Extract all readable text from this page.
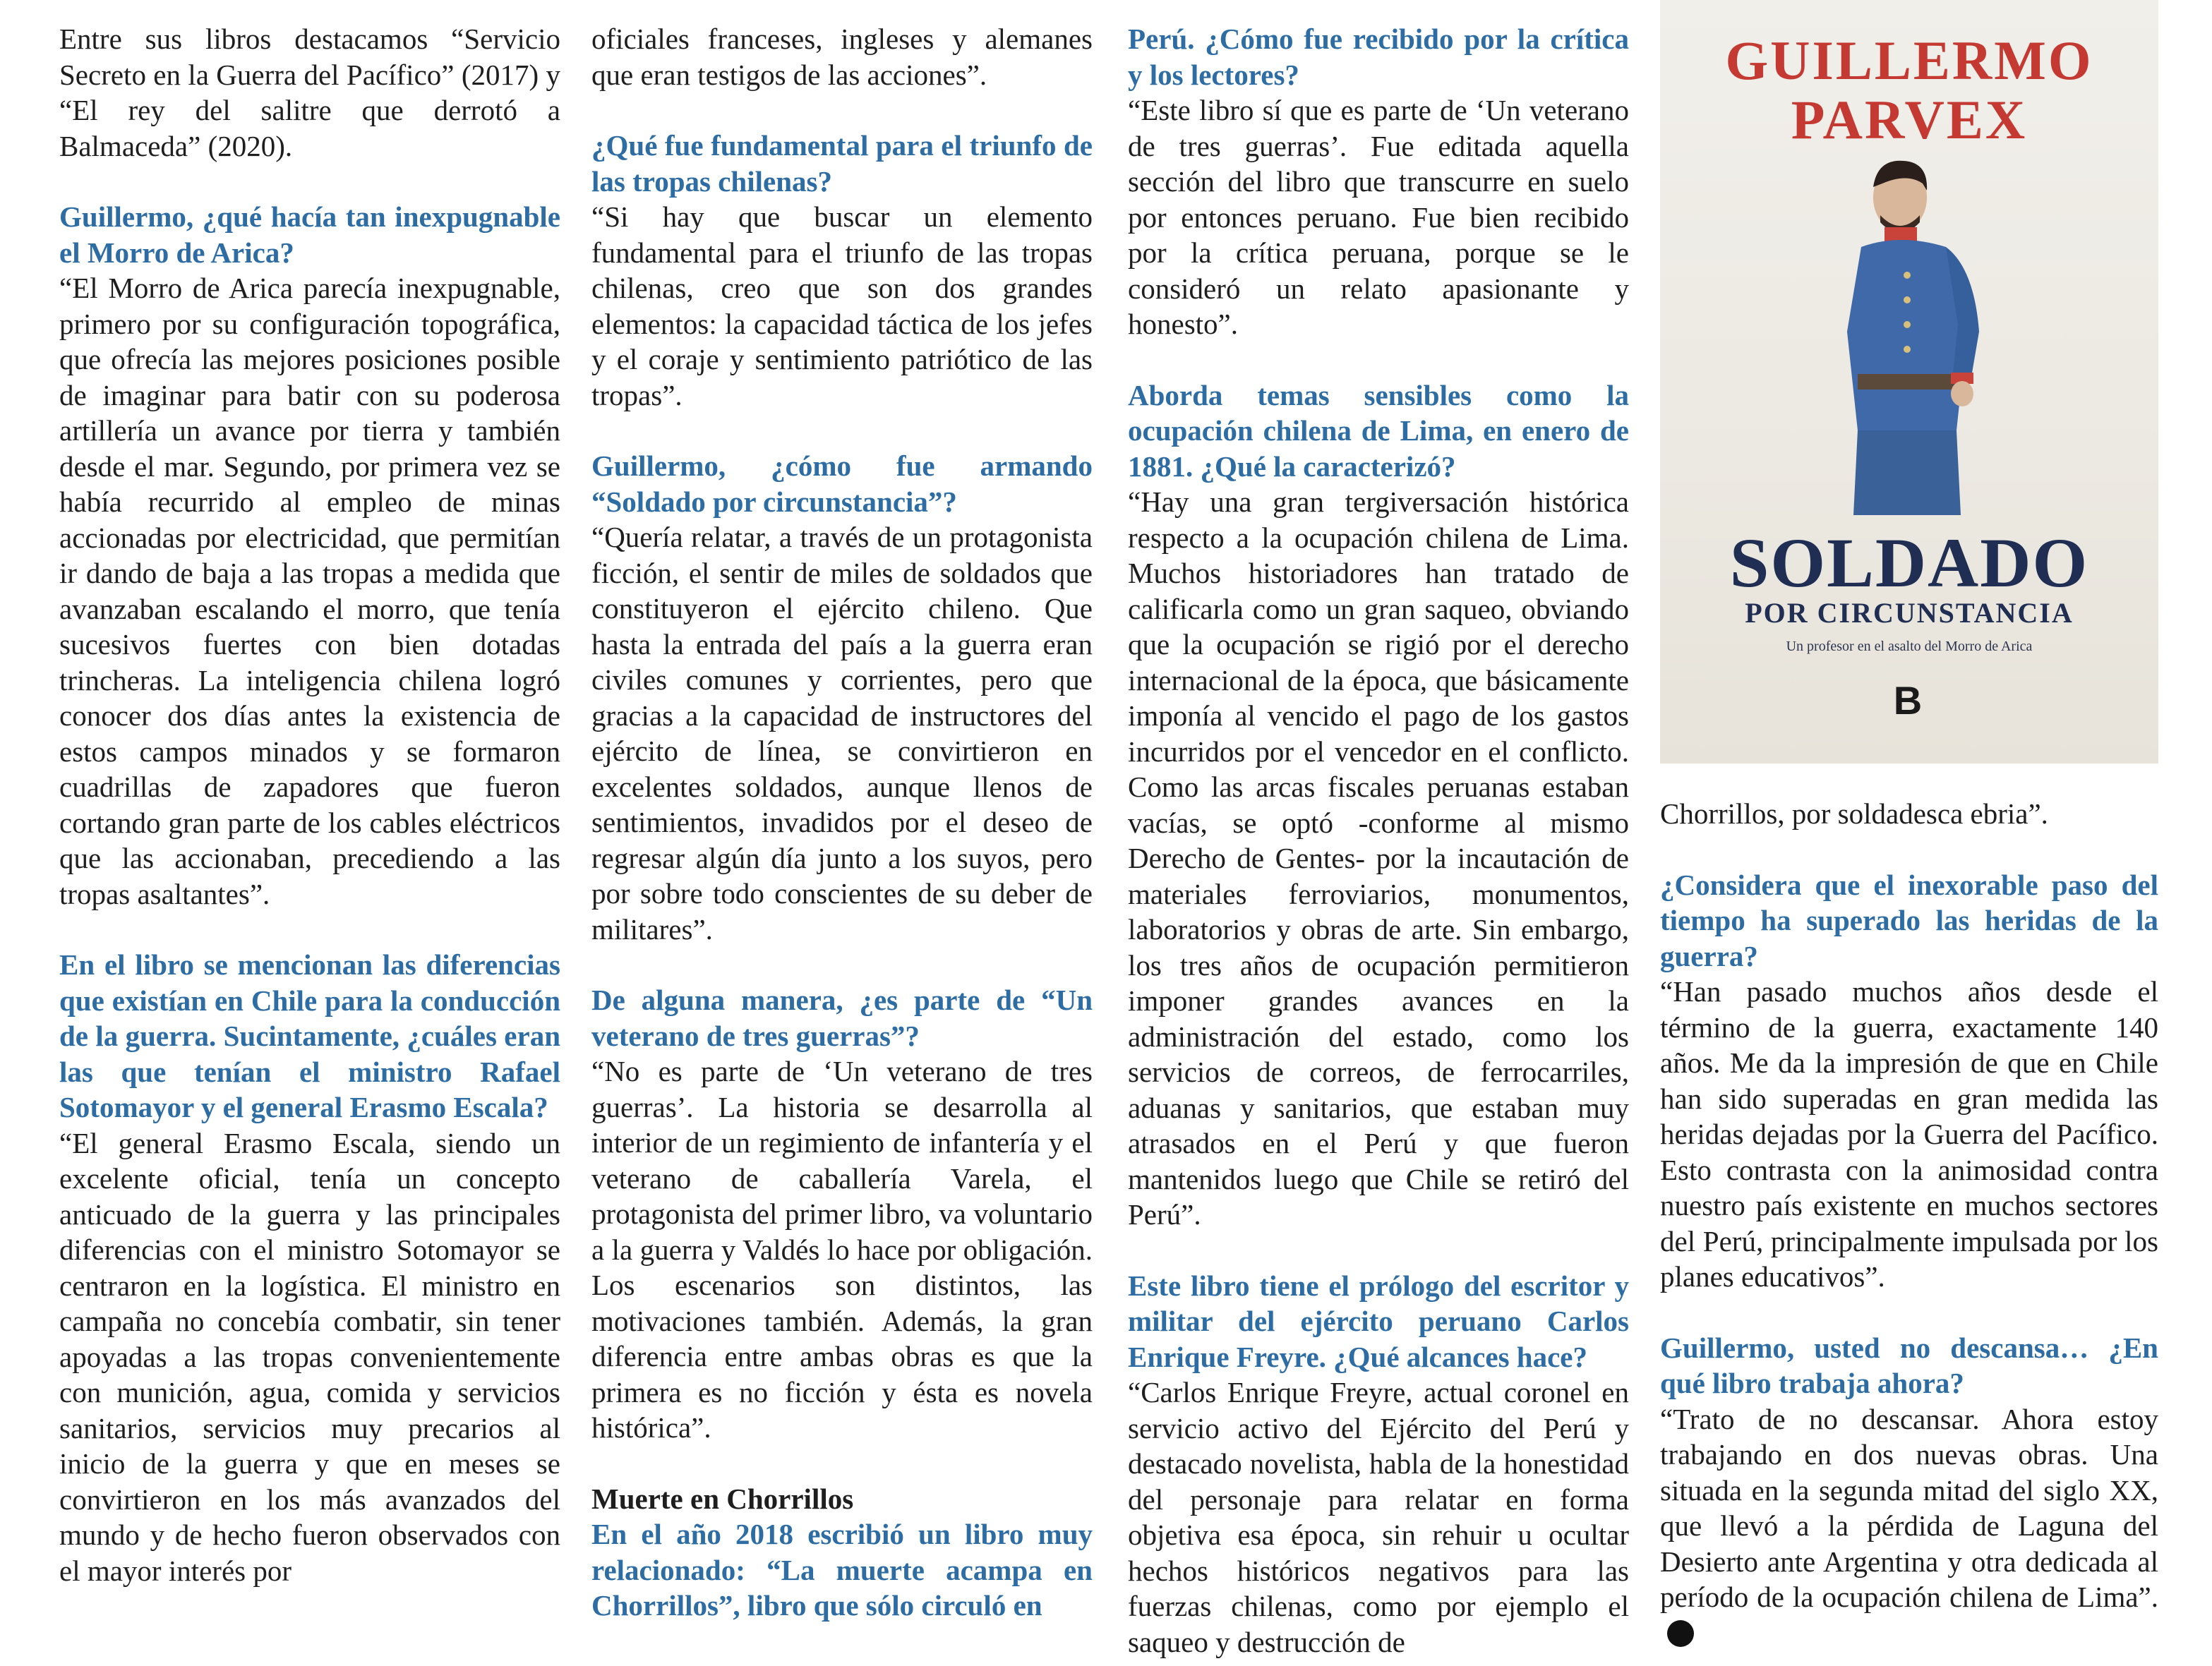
Entre sus libros destacamos “Servicio Secreto en la Guerra del Pacífico” (2017) y “El rey del salitre que derrotó a Balmaceda” (2020).

Guillermo, ¿qué hacía tan inexpugnable el Morro de Arica?
“El Morro de Arica parecía inexpugnable, primero por su configuración topográfica, que ofrecía las mejores posiciones posible de imaginar para batir con su poderosa artillería un avance por tierra y también desde el mar. Segundo, por primera vez se había recurrido al empleo de minas accionadas por electricidad, que permitían ir dando de baja a las tropas a medida que avanzaban escalando el morro, que tenía sucesivos fuertes con bien dotadas trincheras. La inteligencia chilena logró conocer dos días antes la existencia de estos campos minados y se formaron cuadrillas de zapadores que fueron cortando gran parte de los cables eléctricos que las accionaban, precediendo a las tropas asaltantes”.

En el libro se mencionan las diferencias que existían en Chile para la conducción de la guerra. Sucintamente, ¿cuáles eran las que tenían el ministro Rafael Sotomayor y el general Erasmo Escala?
“El general Erasmo Escala, siendo un excelente oficial, tenía un concepto anticuado de la guerra y las principales diferencias con el ministro Sotomayor se centraron en la logística. El ministro en campaña no concebía combatir, sin tener apoyadas a las tropas convenientemente con munición, agua, comida y servicios sanitarios, servicios muy precarios al inicio de la guerra y que en meses se convirtieron en los más avanzados del mundo y de hecho fueron observados con el mayor interés por

oficiales franceses, ingleses y alemanes que eran testigos de las acciones”.

¿Qué fue fundamental para el triunfo de las tropas chilenas?
“Si hay que buscar un elemento fundamental para el triunfo de las tropas chilenas, creo que son dos grandes elementos: la capacidad táctica de los jefes y el coraje y sentimiento patriótico de las tropas”.

Guillermo, ¿cómo fue armando “Soldado por circunstancia”?
“Quería relatar, a través de un protagonista ficción, el sentir de miles de soldados que constituyeron el ejército chileno. Que hasta la entrada del país a la guerra eran civiles comunes y corrientes, pero que gracias a la capacidad de instructores del ejército de línea, se convirtieron en excelentes soldados, aunque llenos de sentimientos, invadidos por el deseo de regresar algún día junto a los suyos, pero por sobre todo conscientes de su deber de militares”.

De alguna manera, ¿es parte de “Un veterano de tres guerras”?
“No es parte de ‘Un veterano de tres guerras’. La historia se desarrolla al interior de un regimiento de infantería y el veterano de caballería Varela, el protagonista del primer libro, va voluntario a la guerra y Valdés lo hace por obligación. Los escenarios son distintos, las motivaciones también. Además, la gran diferencia entre ambas obras es que la primera es no ficción y ésta es novela histórica”.

Muerte en Chorrillos
En el año 2018 escribió un libro muy relacionado: “La muerte acampa en Chorrillos”, libro que sólo circuló en

Perú. ¿Cómo fue recibido por la crítica y los lectores?
“Este libro sí que es parte de ‘Un veterano de tres guerras’. Fue editada aquella sección del libro que transcurre en suelo por entonces peruano. Fue bien recibido por la crítica peruana, porque se le consideró un relato apasionante y honesto”.

Aborda temas sensibles como la ocupación chilena de Lima, en enero de 1881. ¿Qué la caracterizó?
“Hay una gran tergiversación histórica respecto a la ocupación chilena de Lima. Muchos historiadores han tratado de calificarla como un gran saqueo, obviando que la ocupación se rigió por el derecho internacional de la época, que básicamente imponía al vencido el pago de los gastos incurridos por el vencedor en el conflicto. Como las arcas fiscales peruanas estaban vacías, se optó -conforme al mismo Derecho de Gentes- por la incautación de materiales ferroviarios, monumentos, laboratorios y obras de arte. Sin embargo, los tres años de ocupación permitieron imponer grandes avances en la administración del estado, como los servicios de correos, de ferrocarriles, aduanas y sanitarios, que estaban muy atrasados en el Perú y que fueron mantenidos luego que Chile se retiró del Perú”.

Este libro tiene el prólogo del escritor y militar del ejército peruano Carlos Enrique Freyre. ¿Qué alcances hace?
“Carlos Enrique Freyre, actual coronel en servicio activo del Ejército del Perú y destacado novelista, habla de la honestidad del personaje para relatar en forma objetiva esa época, sin rehuir u ocultar hechos históricos negativos para las fuerzas chilenas, como por ejemplo el saqueo y destrucción de

GUILLERMO
PARVEX
SOLDADO
POR CIRCUNSTANCIA
Un profesor en el asalto del Morro de Arica
B

Chorrillos, por soldadesca ebria”.

¿Considera que el inexorable paso del tiempo ha superado las heridas de la guerra?
“Han pasado muchos años desde el término de la guerra, exactamente 140 años. Me da la impresión de que en Chile han sido superadas en gran medida las heridas dejadas por la Guerra del Pacífico. Esto contrasta con la animosidad contra nuestro país existente en muchos sectores del Perú, principalmente impulsada por los planes educativos”.

Guillermo, usted no descansa… ¿En qué libro trabaja ahora?
“Trato de no descansar. Ahora estoy trabajando en dos nuevas obras. Una situada en la segunda mitad del siglo XX, que llevó a la pérdida de Laguna del Desierto ante Argentina y otra dedicada al período de la ocupación chilena de Lima”.
